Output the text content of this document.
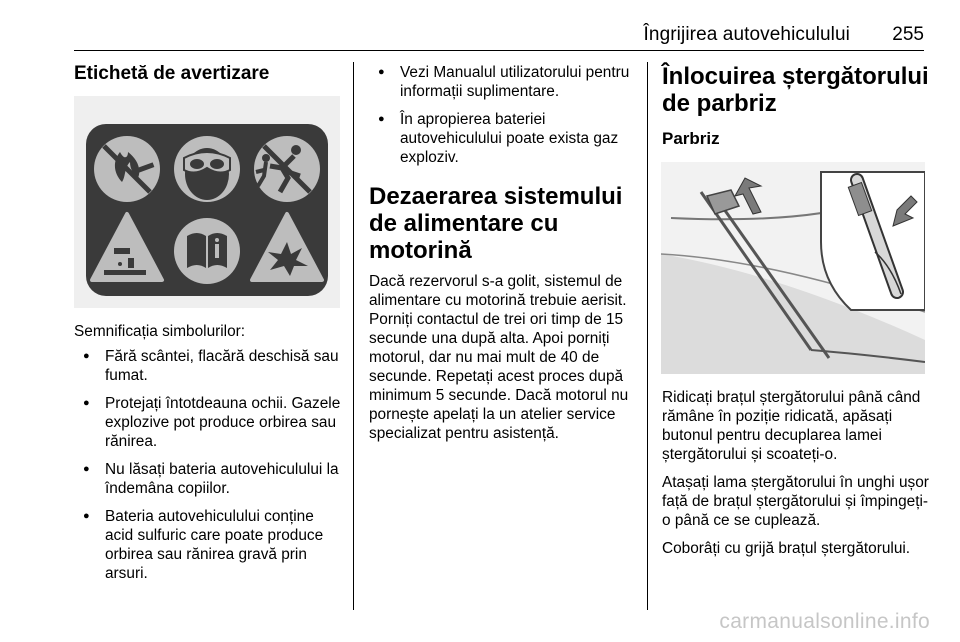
Îngrijirea autovehiculului 255
Etichetă de avertizare

Semnificația simbolurilor:

● Fără scântei, flacără deschisă sau fumat.
● Protejați întotdeauna ochii. Gazele explozive pot produce orbirea sau rănirea.
● Nu lăsați bateria autovehiculului la îndemâna copiilor.
● Bateria autovehiculului conține acid sulfuric care poate produce orbirea sau rănirea gravă prin arsuri.
● Vezi Manualul utilizatorului pentru informații suplimentare.
● În apropierea bateriei autovehiculului poate exista gaz exploziv.
Dezaerarea sistemului de alimentare cu motorină

Dacă rezervorul s-a golit, sistemul de alimentare cu motorină trebuie aerisit. Porniți contactul de trei ori timp de 15 secunde una după alta. Apoi porniți motorul, dar nu mai mult de 40 de secunde. Repetați acest proces după minimum 5 secunde. Dacă motorul nu pornește apelați la un atelier service specializat pentru asistență.

Înlocuirea ștergătorului de parbriz
Parbriz

Ridicați brațul ștergătorului până când rămâne în poziție ridicată, apăsați butonul pentru decuplarea lamei ștergătorului și scoateți-o.

Atașați lama ștergătorului în unghi ușor față de brațul ștergătorului și împingeți-o până ce se cuplează.

Coborâți cu grijă brațul ștergătorului.

carmanualsonline.info
